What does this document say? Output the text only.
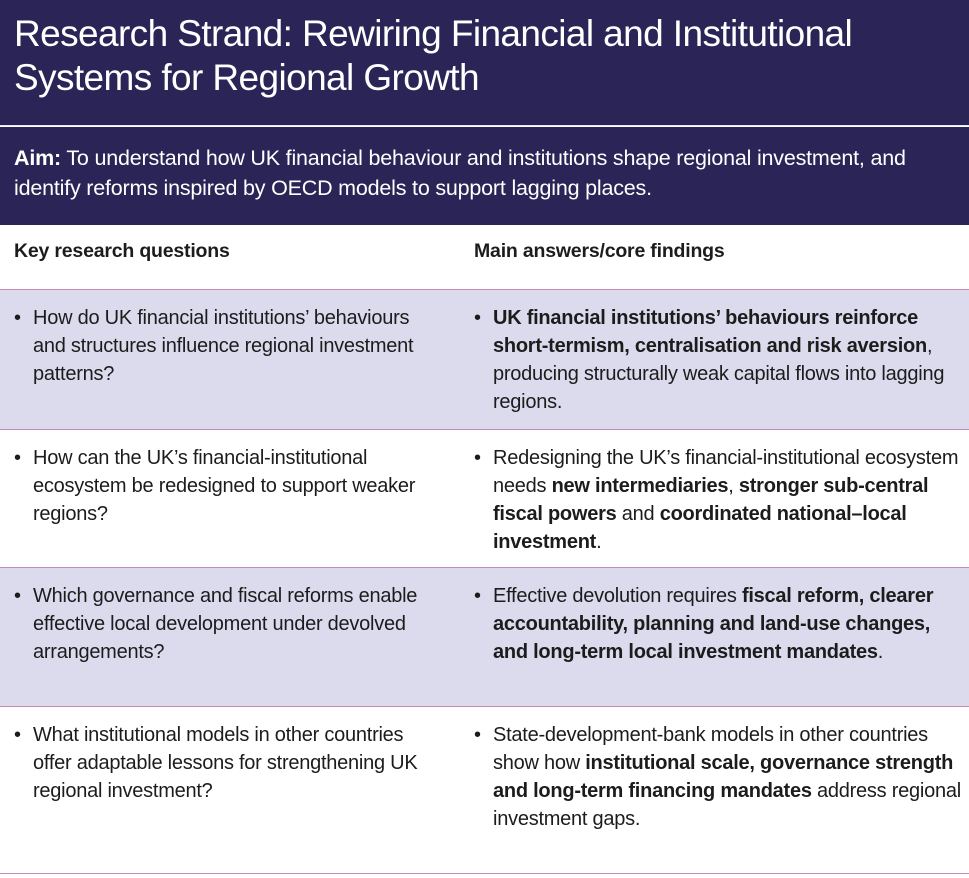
Research Strand: Rewiring Financial and Institutional Systems for Regional Growth

Aim: To understand how UK financial behaviour and institutions shape regional investment, and identify reforms inspired by OECD models to support lagging places.

Key research questions	Main answers/core findings
• How do UK financial institutions’ behaviours and structures influence regional investment patterns?
• UK financial institutions’ behaviours reinforce short-termism, centralisation and risk aversion, producing structurally weak capital flows into lagging regions.
• How can the UK’s financial-institutional ecosystem be redesigned to support weaker regions?
• Redesigning the UK’s financial-institutional ecosystem needs new intermediaries, stronger sub-central fiscal powers and coordinated national–local investment.
• Which governance and fiscal reforms enable effective local development under devolved arrangements?
• Effective devolution requires fiscal reform, clearer accountability, planning and land-use changes, and long-term local investment mandates.
• What institutional models in other countries offer adaptable lessons for strengthening UK regional investment?
• State-development-bank models in other countries show how institutional scale, governance strength and long-term financing mandates address regional investment gaps.
